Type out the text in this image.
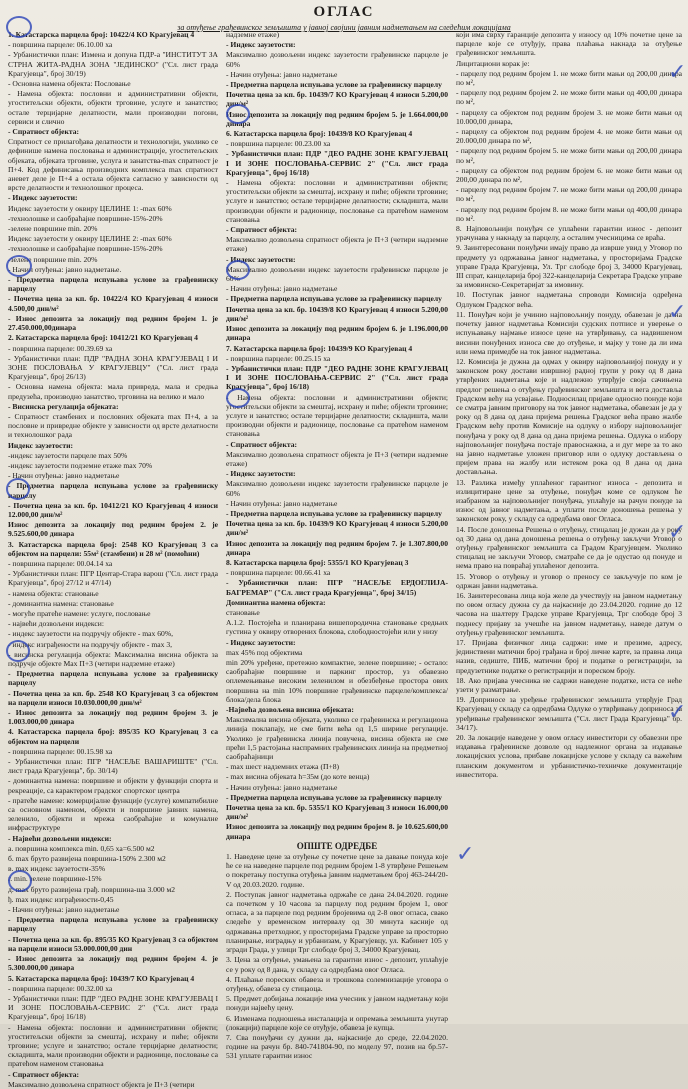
ОГЛАС
за отуђење грађевинског земљишта у јавној својини јавним надметањем на следећим локацијама

1. Катастарска парцела број: 10422/4 КО Крагујевац 4

- површина парцеле: 06.10.00 ха

- Урбанистички план: Измена и допуна ПДР-а "ИНСТИТУТ ЗА СТРНА ЖИТА-РАДНА ЗОНА "ЈЕДИНСКО" ("Сл. лист града Крагујевца", број 30/19)

- Основна намена објекта: Пословање

- Намена објекта: пословни и административни објекти, угоститељски објекти, објекти трговине, услуге и занатство; остале терцијарне делатности, мали производни погони, сервиси и слично

- Спратност објекта:

Спратност се прилагођава делатности и технологији, уколико се дефинише намена пословања и администрације, угоститељских објеката, објеката трговине, услуга и занатства-max спратност је П+4. Код дефинисања производних комплекса max спратност аневет деле је П+4 а остала објекта сагласно у зависности од врсте делатности и технолошког процеса.

- Индекс заузетости:

Индекс заузетости у оквиру ЦЕЛИНЕ 1: -max 60%

-технолошке и саобраћајне површине-15%-20%

-зелене површине min. 20%

Индекс заузетости у оквиру ЦЕЛИНЕ 2: -max 60%

-технолошке и саобраћајне површине-15%-20%

-зелене површине min. 20%

- Начин отуђења: јавно надметање.

- Предметна парцела испуњава услове за грађевинску парцелу

- Почетна цена за кп. бр. 10422/4 КО Крагујевац 4 износи 4.500,00 дин/м²

- Износ депозита за локацију под редним бројем 1. је 27.450.000,00динара

2. Катастарска парцела број: 10412/21 КО Крагујевац 4

- површина парцеле: 00.39.69 ха

- Урбанистички план: ПДР "РАДНА ЗОНА КРАГУЈЕВАЦ I И ЗОНЕ ПОСЛОВАЊА У КРАГУЈЕВЦУ" ("Сл. лист града Крагујевца", број 26/13)

- Основна намена објекта: мала привреда, мала и средња предузећа, производно занатство, трговина на велико и мало

- Висинска регулација објеката:

- Спратност стамбених и пословних објеката max П+4, а за пословне и привредне објекте у зависности од врсте делатности и технолошког рада

Индекс заузетости:

-индекс заузетости парцеле max 50%

-индекс заузетости подземне етаже max 70%

- Начин отуђења: јавно надметање

- Предметна парцела испуњава услове за грађевинску парцелу

- Почетна цена за кп. бр. 10412/21 КО Крагујевац 4 износи 12.000,00 дин/м²

Износ депозита за локацију под редним бројем 2. је 9.525.600,00 динара

3. Катастарска парцела број: 2548 КО Крагујевац 3 са објектом на парцели: 55м² (стамбени) и 28 м² (помоћни)

- површина парцеле: 00.04.14 ха

- Урбанистички план: ПГР Центар-Стара варош ("Сл. лист града Крагујевца", број 27/12 и 47/14)

- намена објекта: становање

- доминантна намена: становање

- могуће пратеће намене: услуге, пословање

- највећи дозвољени индекси:

- индекс заузетости на подручју објекте - max 60%,

- индекс изграђености на подручју објекте - max 3,

- висинска регулација објекта: Максимална висина објекта за подручје објекте Мах П+3 (четири надземне етаже)

- Предметна парцела испуњава услове за грађевинску парцелу

- Почетна цена за кп. бр. 2548 КО Крагујевац 3 са објектом на парцели износи 10.030.000,00 дин/м²

- Износ депозита за локацију под редним бројем 3. је 1.003.000,00 динара

4. Катастарска парцела број: 895/35 КО Крагујевац 3 са објектом на парцели

- површина парцеле: 00.15.98 ха

- Урбанистички план: ПГР "НАСЕЉЕ ВАШАРИШТЕ" ("Сл. лист града Крагујевца", бр. 30/14)

- доминантна намена: површине и објекти у функцији спорта и рекреације, са карактером градског спортског центра

- пратеће намене: комерцијалне функције (услуге) компатибилне са основном наменом, објекти и површине јавних намена, зеленило, објекти и мрежа саобраћајне и комуналне инфраструктуре

- Највећи дозвољени индекси:

а. површина комплекса min. 0,65 ха=6.500 м2

б. max бруто развијена површина-150% 2.300 м2

в. max индекс заузетости-35%

г. min. зелене површине-15%

д. max бруто развијена грађ. површина-ша 3.000 м2

ђ. max индекс изграђености-0,45

- Начин отуђења: јавно надметање

- Предметна парцела испуњава услове за грађевинску парцелу

- Почетна цена за кп. бр. 895/35 КО Крагујевац 3 са објектом на парцели износи 53.000.000,00 дин

- Износ депозита за локацију под редним бројем 4. је 5.300.000,00 динара

5. Катастарска парцела број: 10439/7 КО Крагујевац 4

- површина парцеле: 00.32.00 ха

- Урбанистички план: ПДР "ДЕО РАДНЕ ЗОНЕ КРАГУЈЕВАЦ I И ЗОНЕ ПОСЛОВАЊА-СЕРВИС 2" ("Сл. лист града Крагујевца", број 16/18)

- Намена објекта: пословни и административни објекти; угоститељски објекти за смештај, исхрану и пиће; објекти трговине; услуге и занатство; остале терцијарне делатности; складишта, мали производни објекти и радионице, пословање са пратећом наменом становања

- Спратност објекта:

Максимално дозвољена спратност објекта је П+3 (четири

надземне етаже)

- Индекс заузетости:

Максимално дозвољени индекс заузетости грађевинске парцеле је 60%

- Начин отуђења: јавно надметање

- Предметна парцела испуњава услове за грађевинску парцелу

Почетна цена за кп. бр. 10439/7 КО Крагујевац 4 износи 5.200,00 дин/м²

Износ депозита за локацију под редним бројем 5. је 1.664.000,00 динара

6. Катастарска парцела број: 10439/8 КО Крагујевац 4

- површина парцеле: 00.23.00 ха

- Урбанистички план: ПДР "ДЕО РАДНЕ ЗОНЕ КРАГУЈЕВАЦ I И ЗОНЕ ПОСЛОВАЊА-СЕРВИС 2" ("Сл. лист града Крагујевца", број 16/18)

- Намена објекта: пословни и административни објекти; угоститељски објекти за смештај, исхрану и пиће; објекти трговине; услуге и занатство; остале терцијарне делатности; складишта, мали производни објекти и радионице, пословање са пратећом наменом становања

- Спратност објекта:

Максимално дозвољена спратност објекта је П+3 (четири надземне етаже)

- Индекс заузетости:

Максимално дозвољени индекс заузетости грађевинске парцеле је 60%

- Начин отуђења: јавно надметање

- Предметна парцела испуњава услове за грађевинску парцелу

Почетна цена за кп. бр. 10439/8 КО Крагујевац 4 износи 5.200,00 дин/м²

Износ депозита за локацију под редним бројем 6. је 1.196.000,00 динара

7. Катастарска парцела број: 10439/9 КО Крагујевац 4

- површина парцеле: 00.25.15 ха

- Урбанистички план: ПДР "ДЕО РАДНЕ ЗОНЕ КРАГУЈЕВАЦ I И ЗОНЕ ПОСЛОВАЊА-СЕРВИС 2" ("Сл. лист града Крагујевца", број 16/18)

- Намена објекта: пословни и административни објекти; угоститељски објекти за смештај, исхрану и пиће; објекти трговине; услуге и занатство; остале терцијарне делатности; складишта, мали производни објекти и радионице, пословање са пратећом наменом становања

- Спратност објекта:

Максимално дозвољена спратност објекта је П+3 (четири надземне етаже)

- Индекс заузетости:

Максимално дозвољени индекс заузетости грађевинске парцеле је 60%

- Начин отуђења: јавно надметање

- Предметна парцела испуњава услове за грађевинску парцелу

Почетна цена за кп. бр. 10439/9 КО Крагујевац 4 износи 5.200,00 дин/м²

Износ депозита за локацију под редним бројем 7. је 1.307.800,00 динара

8. Катастарска парцела број: 5355/1 КО Крагујевац 3

- површина парцеле: 00.66.41 ха

- Урбанистички план: ПГР "НАСЕЉЕ ЕРДОГЛИЈА-БАГРЕМАР" ("Сл. лист града Крагујевца", број 34/15)

Доминантна намена објекта:

становање

А.1.2. Постојећа и планирана вишепородична становање средњих густина у оквиру отворених блокова, слободностојећи или у низу

- Индекс заузетости:

max 45% под објектима

min 20% уређене, претежно компактне, зелене површине; - остало: саобраћајне површине и паркинг простор, уз обавезно оплемењивање високим зеленилом и обезбеђење простора ових површина на min 10% површине грађевинске парцеле/комплекса/блока/дела блока

-Највећа дозвољена висина објеката:

Максимална висина објеката, уколико се грађевинска и регулациона линија поклапају, не сме бити већа од 1,5 ширине регулације. Уколико је грађевинска линија повучена, висина објекта не сме прећи 1,5 растојања наспрамних грађевинских линија на предметној саобраћајници

- max шест надземних етажа (П+8)

- max висина објеката h=35м (до коте венца)

- Начин отуђења: јавно надметање

- Предметна парцела испуњава услове за грађевинску парцелу

Почетна цена за кп. бр. 5355/1 КО Крагујевац 3 износи 16.000,00 дин/м²

Износ депозита за локацију под редним бројем 8. је 10.625.600,00 динара

ОПШТЕ ОДРЕДБЕ

1. Наведене цене за отуђење су почетне цене за давање понуда које ће се на наведене парцеле под редним бројем 1-8 утврђене Решењем о покретању поступка отуђења јавним надметањем број 463-244/20-V од 20.03.2020. године.

2. Поступак јавног надметања одржаће се дана 24.04.2020. године са почетком у 10 часова за парцелу под редним бројем 1, овог огласа, а за парцеле под редним бројевима од 2-8 овог огласа, свако следеће у временском интервалу од 30 минута касније од одржавања претходног, у просторијама Градске управе за просторно планирање, изградњу и урбанизам, у Крагујевцу, ул. Кабинет 105 у згради Града, у улици Трг слободе број 3, 34000 Крагујевац.

3. Цена за отуђење, умањена за гарантни износ - депозит, уплаћује се у року од 8 дана, у складу са одредбама овог Огласа.

4. Плаћање пореских обавеза и трошкова солемнизације уговора о отуђењу, обавеза су стицаоца.

5. Предмет добијања локације има учесник у јавном надметању који понуди највећу цену.

6. Изменама подношења инсталација и опремања земљишта унутар (локацији) парцеле које се отуђује, обавеза је купца.

7. Сва понуђачи су дужни да, најкасније до среде, 22.04.2020. године на рачун бр. 840-741804-90, по моделу 97, позив на бр.57-531 уплате гарантни износ

који има сврху гаранције депозита у износу од 10% почетне цене за парцеле које се отуђују, права плаћања накнада за отуђење грађевинског земљишта.

Лицитациони корак је:

- парцелу под редним бројем 1. не може бити мањи од 200,00 динара по м²,

- парцелу под редним бројем 2. не може бити мањи од 400,00 динара по м²,

- парцелу са објектом под редним бројем 3. не може бити мањи од 10.000,00 динара,

- парцелу са објектом под редним бројем 4. не може бити мањи од 20.000,00 динара по м²,

- парцелу под редним бројем 5. не може бити мањи од 200,00 динара по м²,

- парцелу са објектом под редним бројем 6. не може бити мањи од 200,00 динара по м²,

- парцелу под редним бројем 7. не може бити мањи од 200,00 динара по м²,

- парцелу под редним бројем 8. не може бити мањи од 400,00 динара по м².

8. Најповољнији понуђач се уплаћени гарантни износ - депозит урачунава у накнаду за парцелу, а осталим учесницима се враћа.

9. Заинтересовани понуђачи имају право да изврше увид у Уговор по предмету уз одржавања јавног надметања, у просторијама Градске управе Града Крагујевца, Ул. Трг слободе број 3, 34000 Крагујевац, III спрат, канцеларија број 322-канцеларија Секретара Градске управе за имовинско-Секретаријат за имовину.

10. Поступак јавног надметања спроводи Комисија одређена Одлуком Градског већа.

11. Понуђач који је учинио најповољнију понуду, обавезан је да на почетку јавног надметања Комисији судских потписе и уверење о испуњавању најмање износе цене на утврђивању, са надвишеном висини понуђених износа све до отуђење, и мајку у тоне да ли има или нема примедбе на ток јавног надметања.

12. Комисија је дужна да одмах у оквиру најповољнијој понуду и у законском року достави извршној радној групи у року од 8 дана утврђених надметања које и надлежно утврђује своја сачињена предлог решења о отуђењу грађевинског земљишта и вега доставља Градском већу на усвајање. Подносилац пријаве односно понуде који се сматра јавним приговору на ток јавног надметања, обавезан је да у року од 8 дана од дана пријема решења Градског већа право жалбе Градском већу против Комисије на одлуку о избору најповољнијег понуђача у року од 8 дана од дана пријема решења. Одлука о избору најповољнијег понуђача постаје правоснажна, а и дуг мере за то ако на јавно надметање уложен приговор или о одлуку достављена о пријем права на жалбу или истеком рока од 8 дана од дана достављања.

13. Разлика између уплаћеног гарантног износа - депозита и излицитиране цене за отуђење, понуђач коме се одлуком ће изабраном за најповољнијег понуђача, уплаћује на рачун понуде за износ од јавног надметања, а уплати после доношења решења у законском року, у складу са одредбама овог Огласа.

14. После доношења Решења о отуђењу, стицалац је дужан да у року од 30 дана од дана доношења решења о отуђењу закључи Уговор о отуђењу грађевинског земљишта са Градом Крагујевцем. Уколико стицалац не закључи Уговор, сматраће се да је одустао од понуде и нема право на повраћај уплаћеног депозита.

15. Уговор о отуђењу и уговор о преносу се закључује по ком је одржан јавни надметања.

16. Заинтересована лица која желе да учествују на јавном надметању по овом огласу дужна су да најкасније до 23.04.2020. године до 12 часова на шалтеру Градске управе Крагујевца, Трг слободе број 3 поднесу пријаву за учешће на јавном надметању, наведе датум о отуђењу грађевинског земљишта.

17. Пријава физичког лица садржи: име и презиме, адресу, јединствени матични број грађана и број личне карте, за правна лица назив, седиште, ПИБ, матични број и податке о регистрацији, за предузетнике податке о регистрацији и пореском броју.

18. Ако пријава учесника не садржи наведене податке, иста се неће узети у разматрање.

19. Доприносе за уређење грађевинског земљишта утврђује Град Крагујевац у складу са одредбама Одлуке о утврђивању доприноса за уређивање грађевинског земљишта ("Сл. лист Града Крагујевца" бр. 34/17).

20. За локације наведене у овом огласу инвеститори су обавезни пре издавања грађевинске дозволе од надлежног органа за издавање локацијских услова, прибаве локацијске услове у складу са важећим планским документом и урбанистичко-техничке документације инвеститора.

✓
✓
✓
✓
✓
